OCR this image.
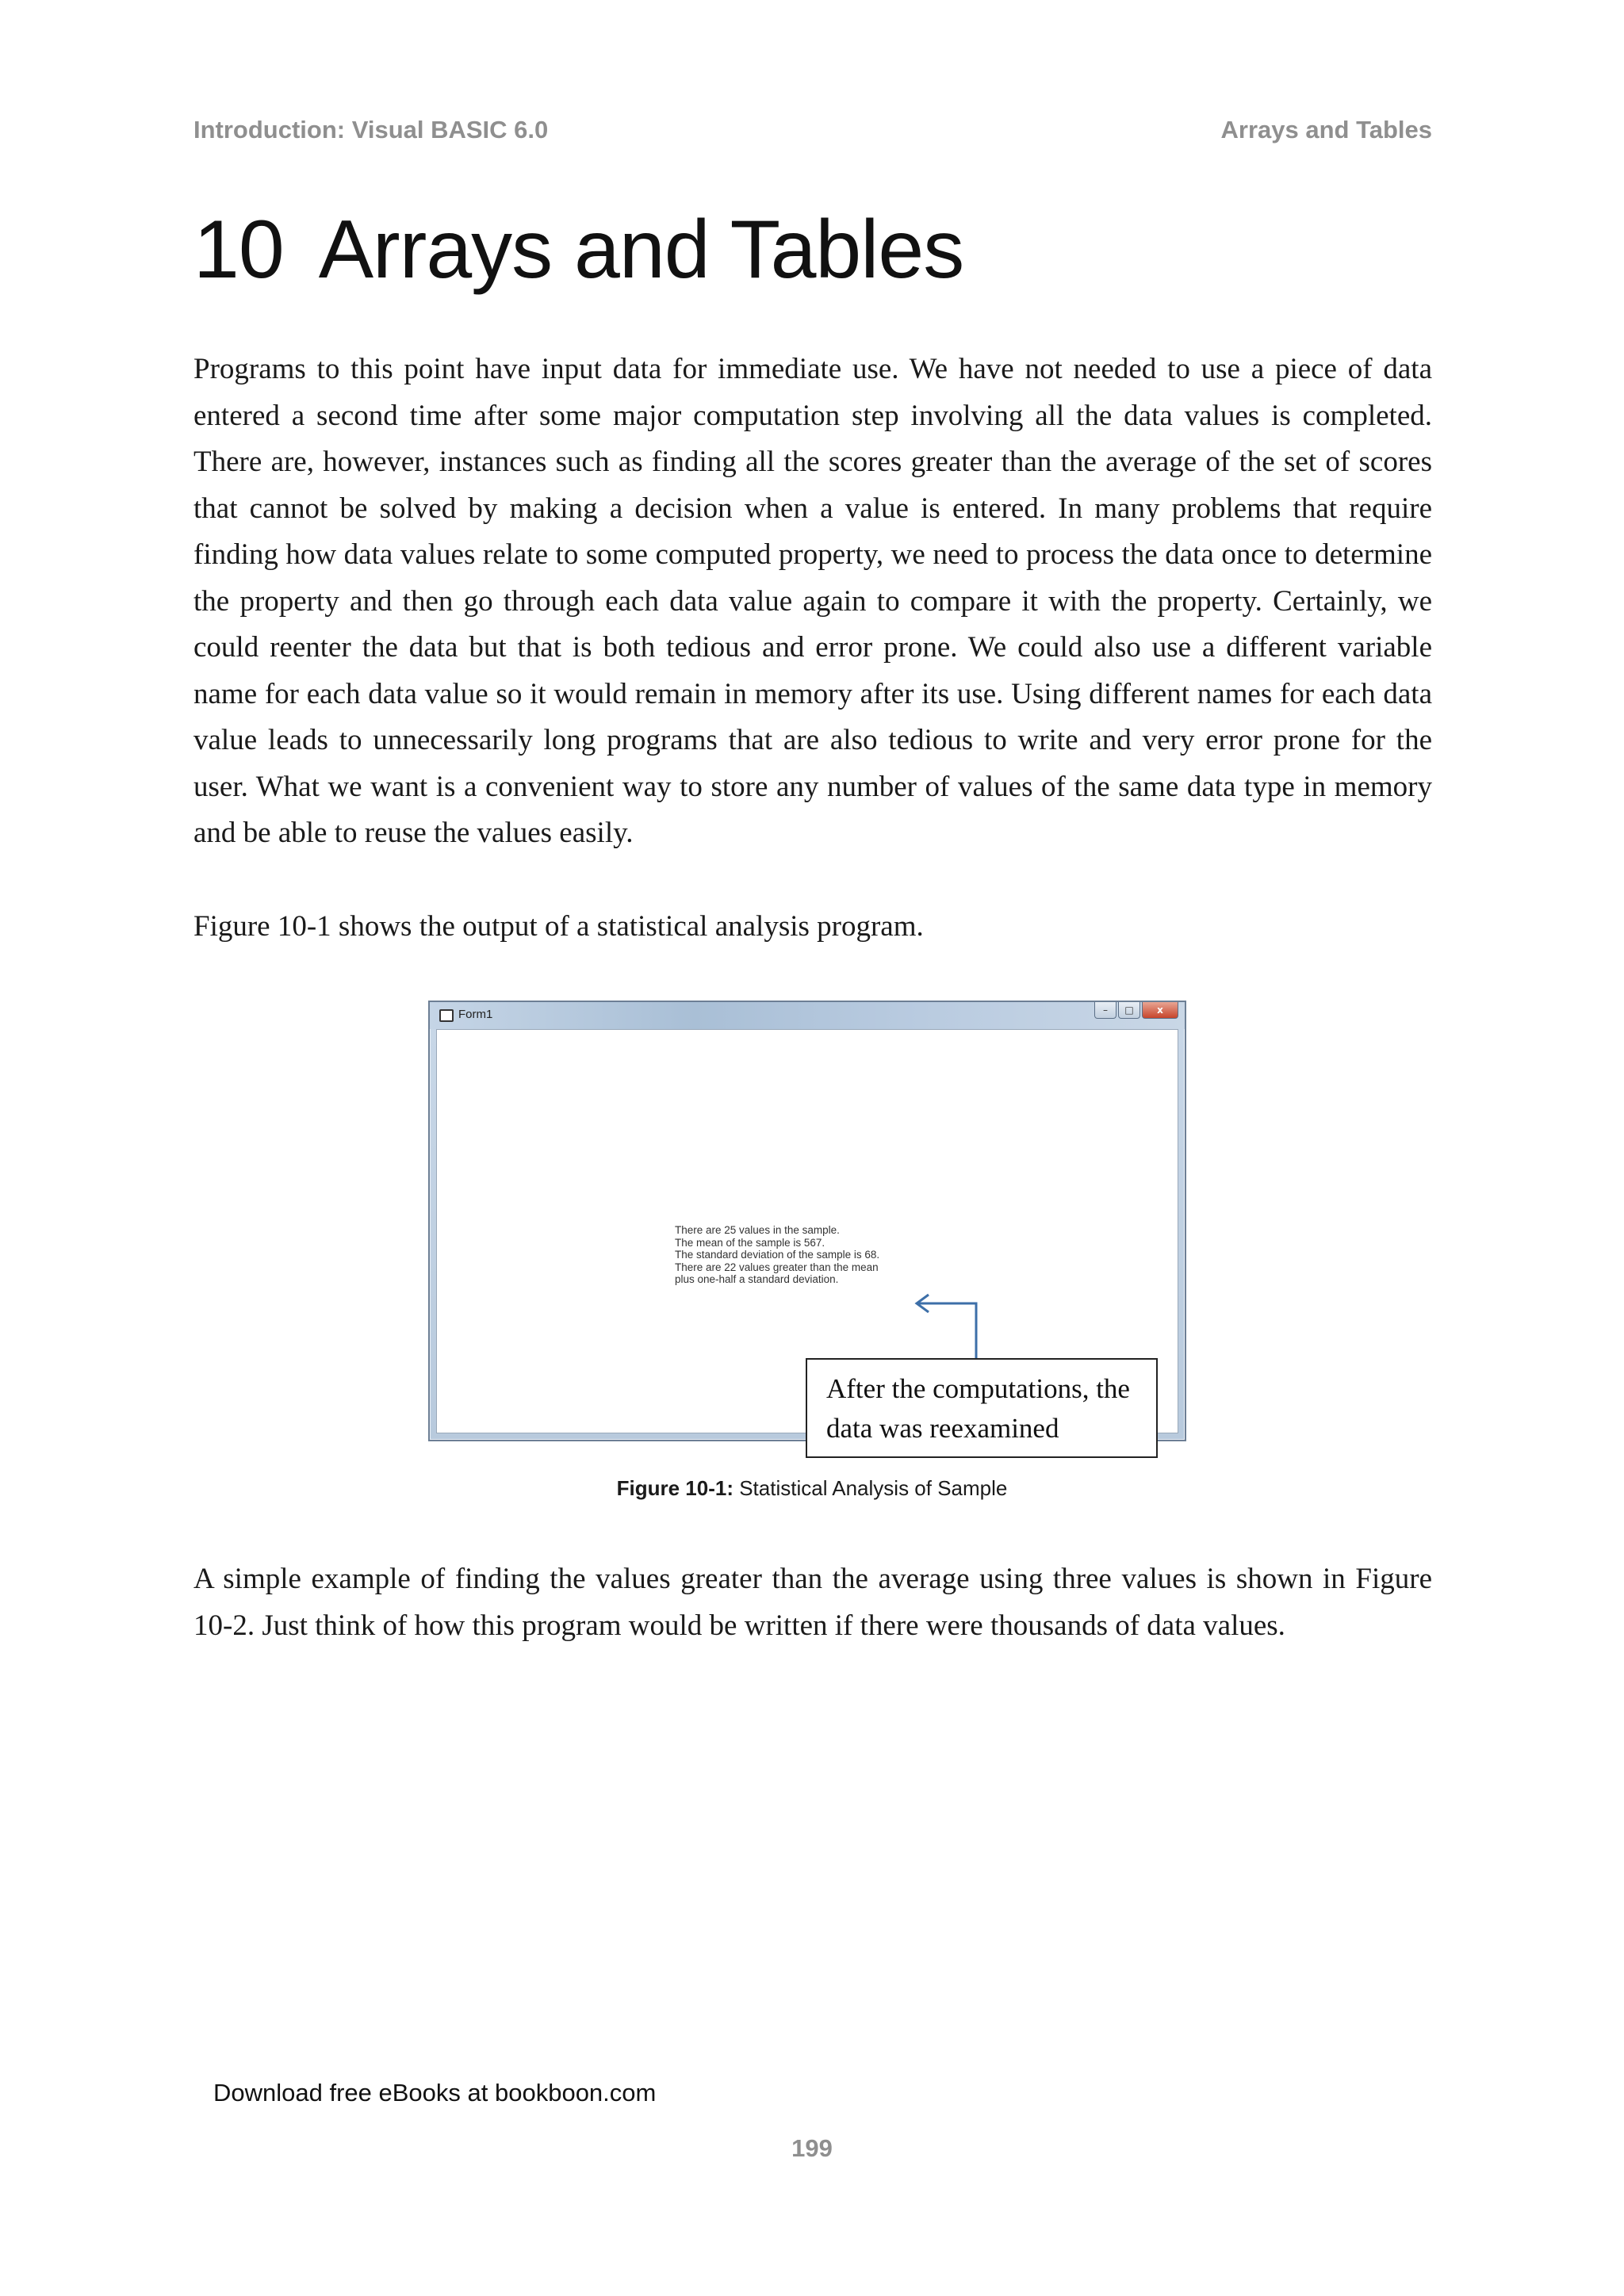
Introduction: Visual BASIC 6.0	Arrays and Tables
10 Arrays and Tables

Programs to this point have input data for immediate use. We have not needed to use a piece of data entered a second time after some major computation step involving all the data values is completed. There are, however, instances such as finding all the scores greater than the average of the set of scores that cannot be solved by making a decision when a value is entered. In many problems that require finding how data values relate to some computed property, we need to process the data once to determine the property and then go through each data value again to compare it with the property. Certainly, we could reenter the data but that is both tedious and error prone. We could also use a different variable name for each data value so it would remain in memory after its use. Using different names for each data value leads to unnecessarily long programs that are also tedious to write and very error prone for the user. What we want is a convenient way to store any number of values of the same data type in memory and be able to reuse the values easily.

Figure 10-1 shows the output of a statistical analysis program.

Form1	–	□	x
There are 25 values in the sample.
The mean of the sample is 567.
The standard deviation of the sample is 68.
There are 22 values greater than the mean
plus one-half a standard deviation.
After the computations, the
data was reexamined
Figure 10-1: Statistical Analysis of Sample

A simple example of finding the values greater than the average using three values is shown in Figure 10-2. Just think of how this program would be written if there were thousands of data values.

Download free eBooks at bookboon.com
199
